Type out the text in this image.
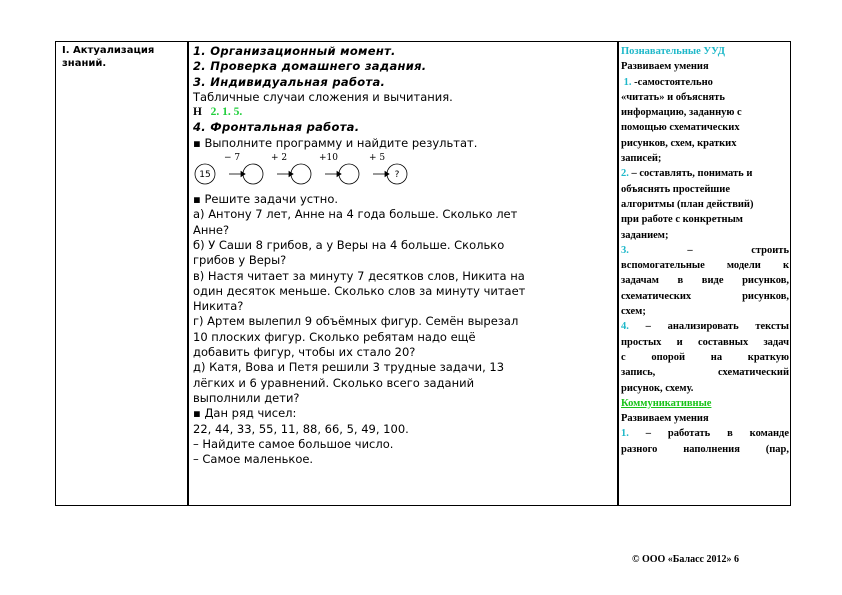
I. Актуализация
знаний.
1. Организационный момент.
2. Проверка домашнего задания.
3. Индивидуальная работа.
Табличные случаи сложения и вычитания.
Н 2. 1. 5.
4. Фронтальная работа.
▪ Выполните программу и найдите результат.
− 7	+ 2	+10	+ 5
15	?
▪ Решите задачи устно.
а) Антону 7 лет, Анне на 4 года больше. Сколько лет
Анне?
б) У Саши 8 грибов, а у Веры на 4 больше. Сколько
грибов у Веры?
в) Настя читает за минуту 7 десятков слов, Никита на
один десяток меньше. Сколько слов за минуту читает
Никита?
г) Артем вылепил 9 объёмных фигур. Семён вырезал
10 плоских фигур. Сколько ребятам надо ещё
добавить фигур, чтобы их стало 20?
д) Катя, Вова и Петя решили 3 трудные задачи, 13
лёгких и 6 уравнений. Сколько всего заданий
выполнили дети?
▪ Дан ряд чисел:
22, 44, 33, 55, 11, 88, 66, 5, 49, 100.
– Найдите самое большое число.
– Самое маленькое.
Познавательные УУД
Развиваем умения
1. -самостоятельно
«читать» и объяснять
информацию, заданную с
помощью схематических
рисунков, схем, кратких
записей;
2. – составлять, понимать и
объяснять простейшие
алгоритмы (план действий)
при работе с конкретным
заданием;
3.	–	строить
вспомогательные модели к
задачам в виде рисунков,
схематических рисунков,
схем;
4. – анализировать тексты
простых и составных задач
с опорой на краткую
запись, схематический
рисунок, схему.
Коммуникативные
Развиваем умения
1. – работать в команде
разного наполнения (пар,
© ООО «Баласс 2012» 6
